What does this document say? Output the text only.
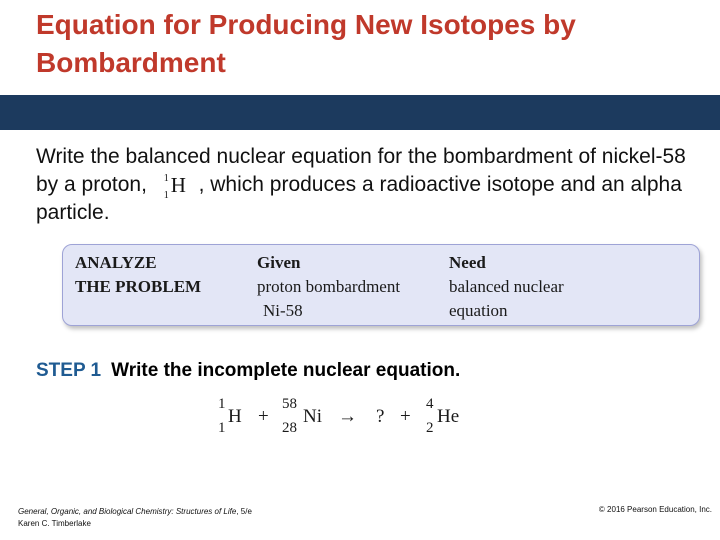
Equation for Producing New Isotopes by Bombardment
Write the balanced nuclear equation for the bombardment of nickel-58 by a proton, 1
1 H , which produces a radioactive isotope and an alpha particle.
ANALYZE
THE PROBLEM
Given
proton bombardment
Ni-58
Need
balanced nuclear
equation
STEP 1 Write the incomplete nuclear equation.
1
1
H +
58
28
Ni → ? +
4
2
He
General, Organic, and Biological Chemistry: Structures of Life, 5/e
Karen C. Timberlake
© 2016 Pearson Education, Inc.
